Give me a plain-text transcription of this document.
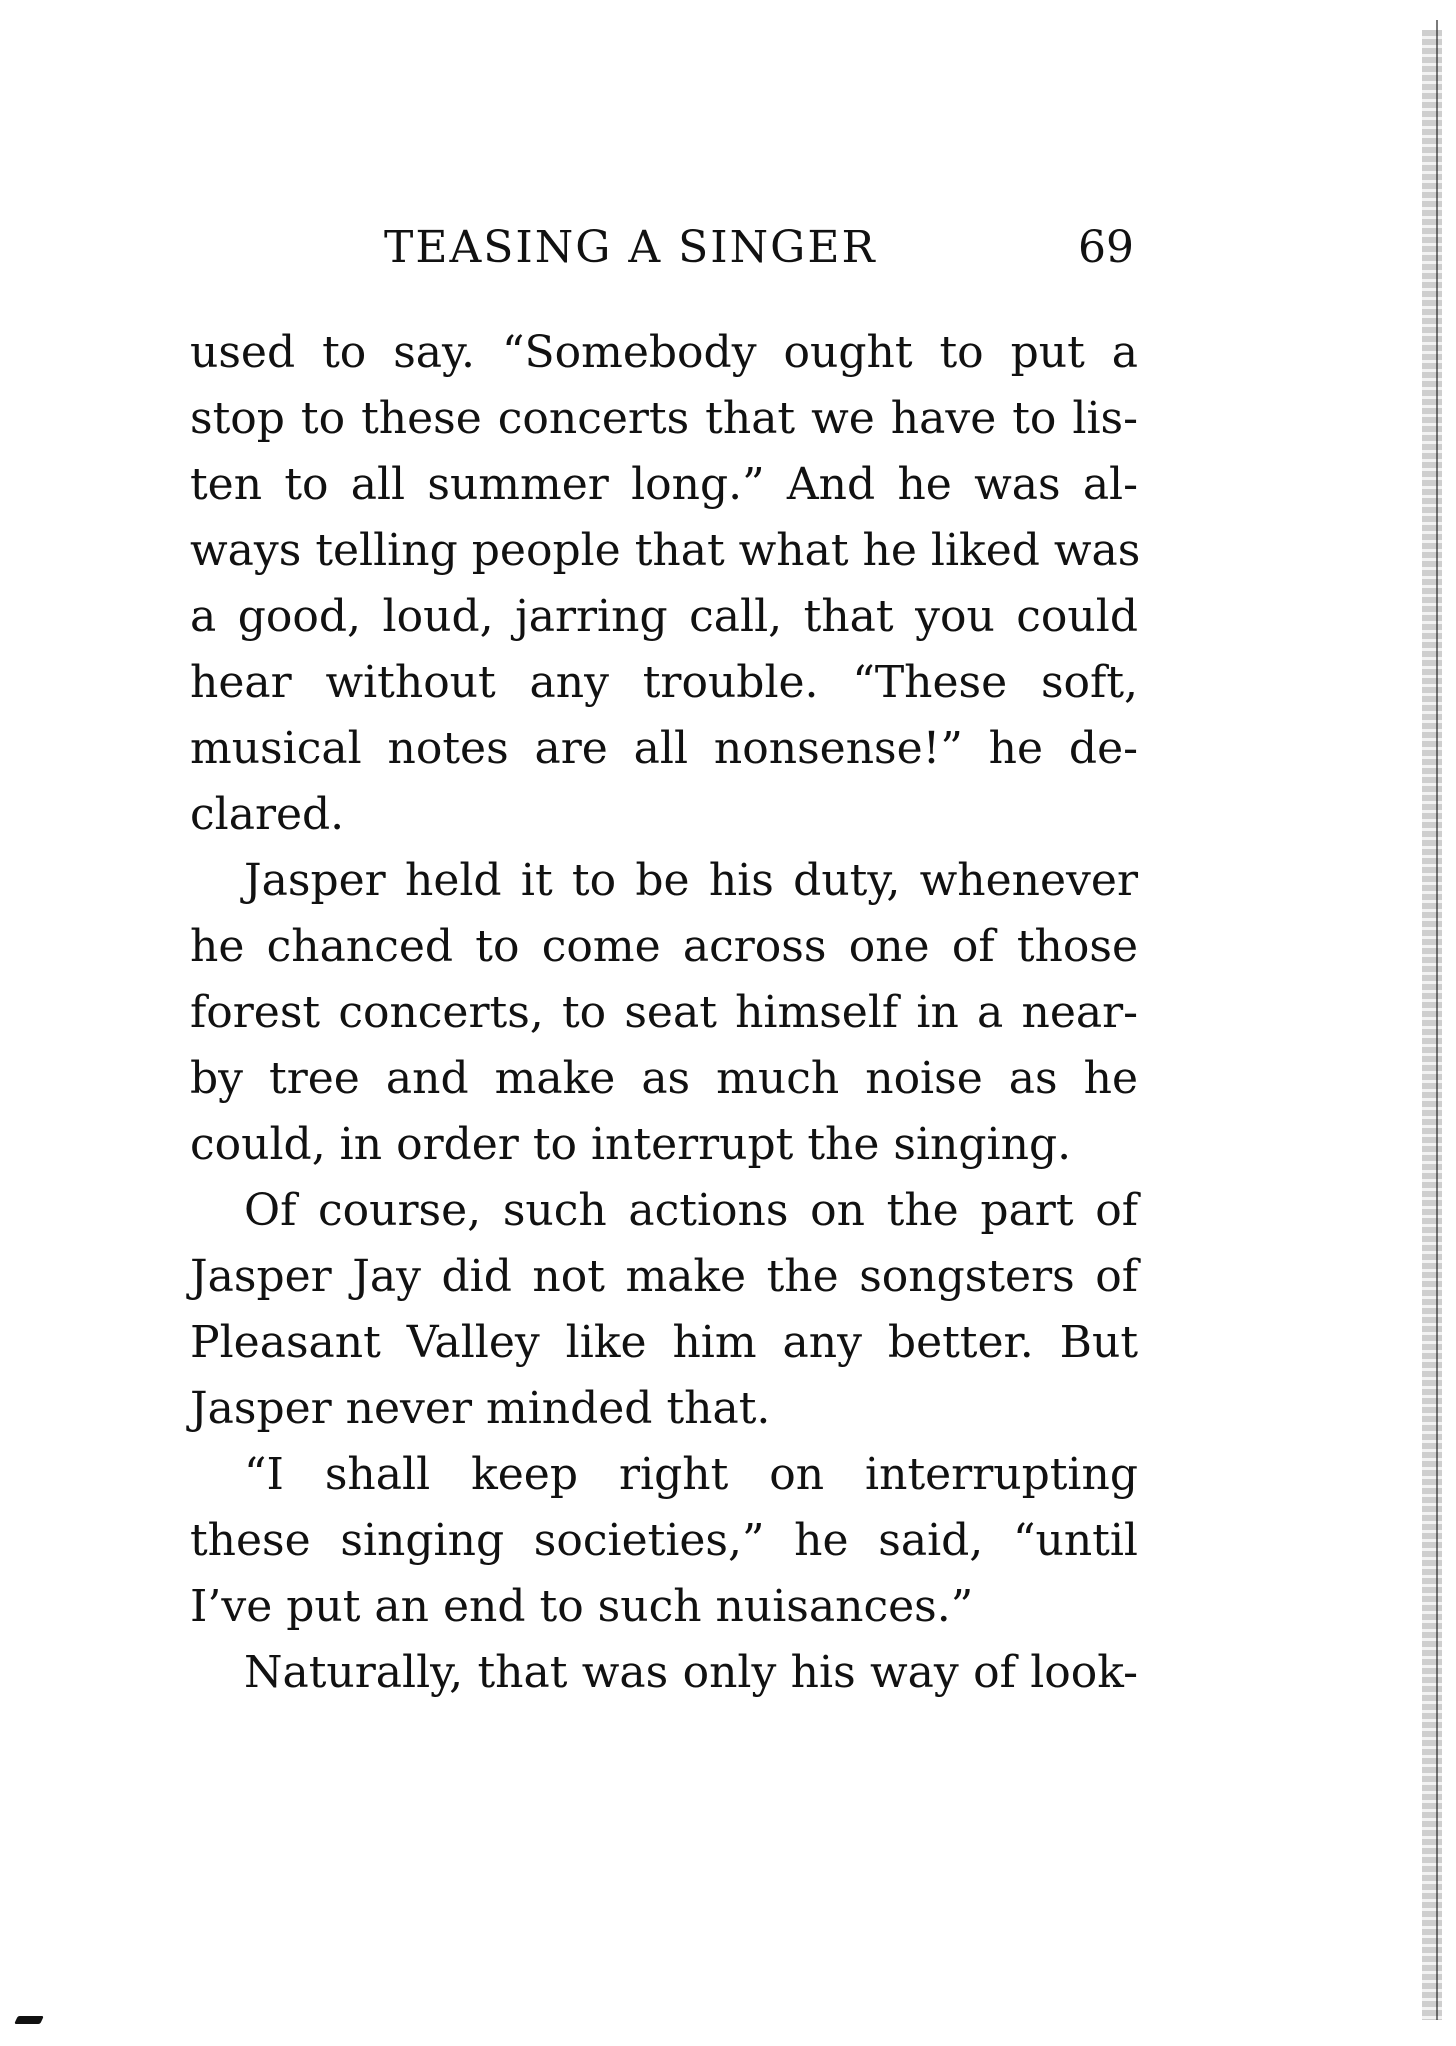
TEASING A SINGER	69
used to say. “Somebody ought to put a
stop to these concerts that we have to lis-
ten to all summer long.” And he was al-
ways telling people that what he liked was
a good, loud, jarring call, that you could
hear without any trouble. “These soft,
musical notes are all nonsense!” he de-
clared.
Jasper held it to be his duty, whenever
he chanced to come across one of those
forest concerts, to seat himself in a near-
by tree and make as much noise as he
could, in order to interrupt the singing.
Of course, such actions on the part of
Jasper Jay did not make the songsters of
Pleasant Valley like him any better. But
Jasper never minded that.
“I shall keep right on interrupting
these singing societies,” he said, “until
I’ve put an end to such nuisances.”
Naturally, that was only his way of look-
